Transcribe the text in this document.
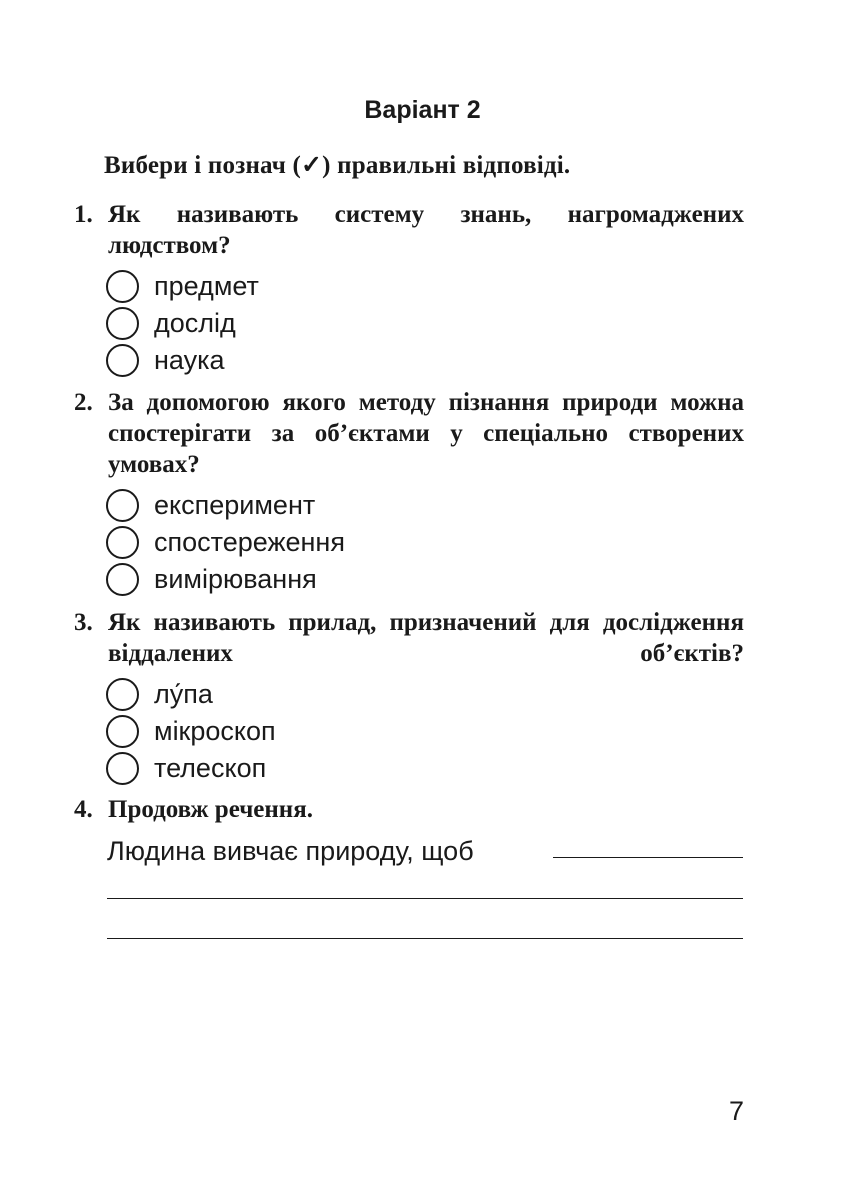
Варіант 2
Вибери і познач (✓) правильні відповіді.
1. Як називають систему знань, нагромаджених людством?
предмет
дослід
наука
2. За допомогою якого методу пізнання природи можна спостерігати за об’єктами у спеціально створених умовах?
експеримент
спостереження
вимірювання
3. Як називають прилад, призначений для дослідження віддалених об’єктів?
лу́па
мікроскоп
телескоп
4. Продовж речення.
Людина вивчає природу, щоб
7
